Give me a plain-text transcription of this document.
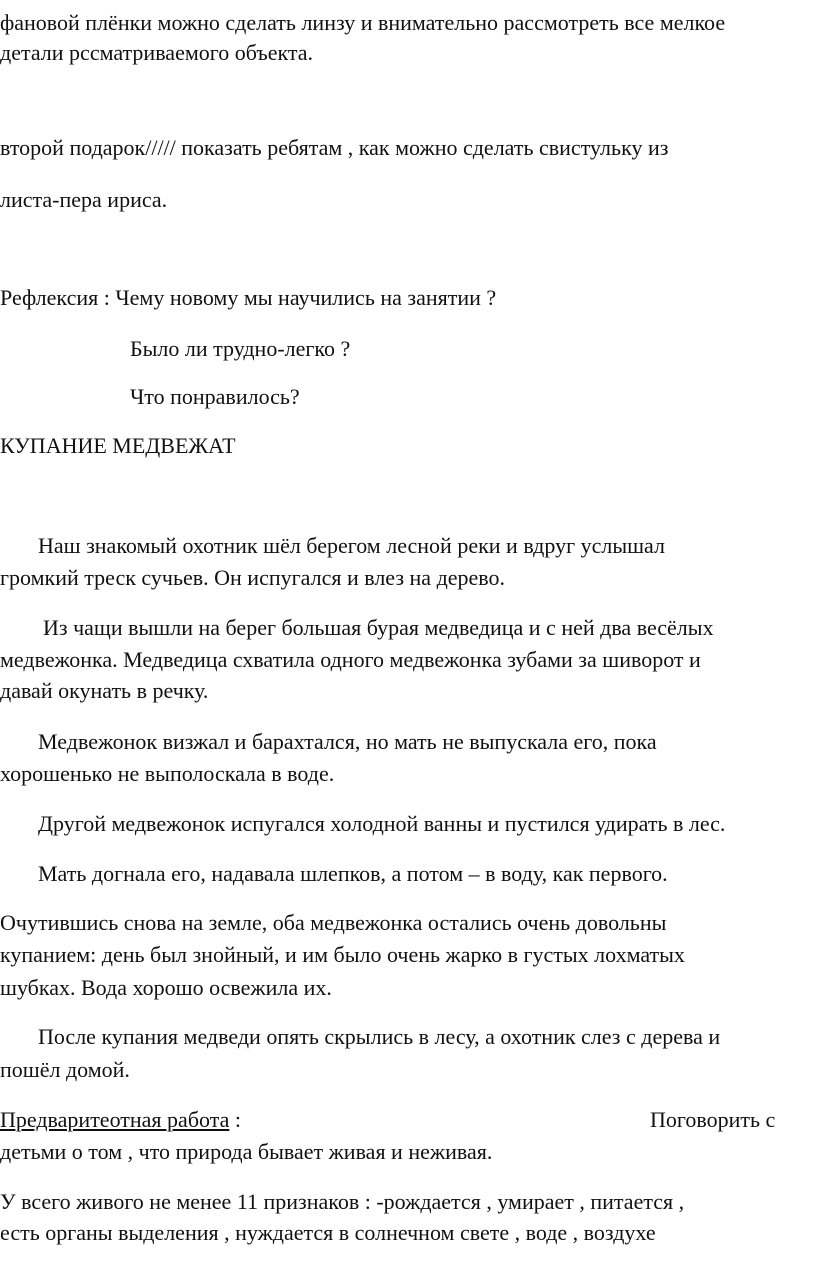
фановой плёнки можно сделать линзу и внимательно рассмотреть все мелкое
детали рссматриваемого объекта.
второй подарок///// показать ребятам , как можно сделать свистульку из
листа-пера ириса.
Рефлексия : Чему новому мы научились на занятии ?
Было ли трудно-легко ?
Что понравилось?
КУПАНИЕ МЕДВЕЖАТ
Наш знакомый охотник шёл берегом лесной реки и вдруг услышал
громкий треск сучьев. Он испугался и влез на дерево.
Из чащи вышли на берег большая бурая медведица и с ней два весёлых
медвежонка. Медведица схватила одного медвежонка зубами за шиворот и
давай окунать в речку.
Медвежонок визжал и барахтался, но мать не выпускала его, пока
хорошенько не выполоскала в воде.
Другой медвежонок испугался холодной ванны и пустился удирать в лес.
Мать догнала его, надавала шлепков, а потом – в воду, как первого.
Очутившись снова на земле, оба медвежонка остались очень довольны
купанием: день был знойный, и им было очень жарко в густых лохматых
шубках. Вода хорошо освежила их.
После купания медведи опять скрылись в лесу, а охотник слез с дерева и
пошёл домой.
Предваритеотная работа :	Поговорить с
детьми о том , что природа бывает живая и неживая.
У всего живого не менее 11 признаков : -рождается , умирает , питается ,
есть органы выделения , нуждается в солнечном свете , воде , воздухе
